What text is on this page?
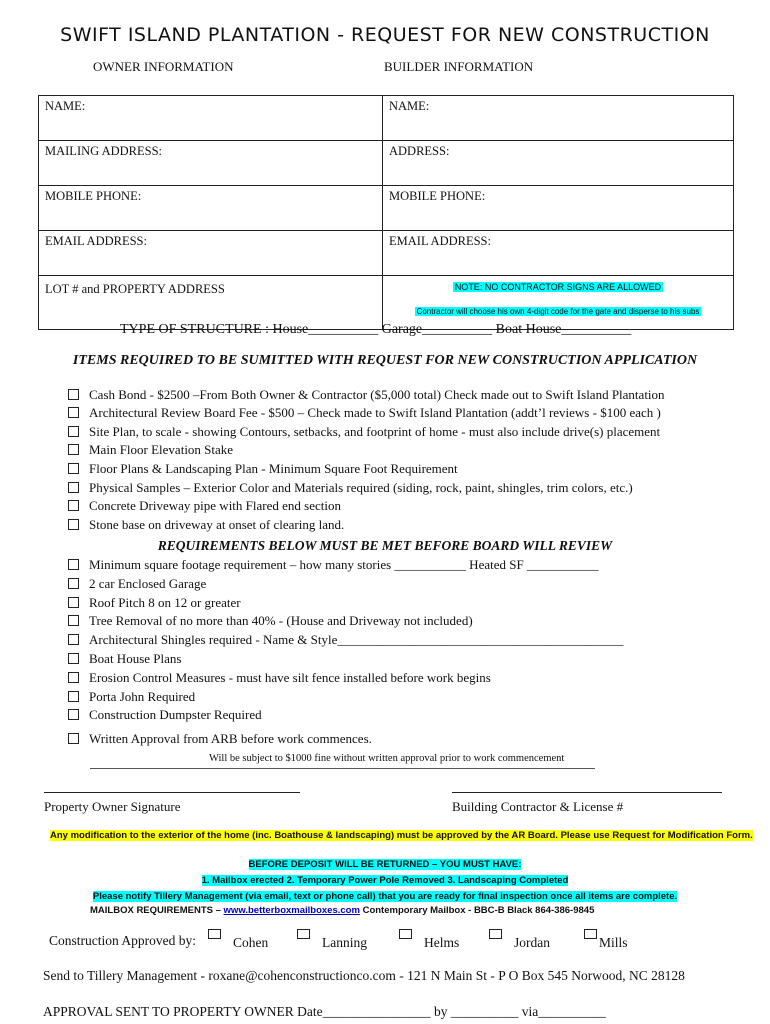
SWIFT ISLAND PLANTATION - REQUEST FOR NEW CONSTRUCTION
OWNER INFORMATION	BUILDER INFORMATION
NAME:	NAME:
MAILING ADDRESS:	ADDRESS:
MOBILE PHONE:	MOBILE PHONE:
EMAIL ADDRESS:	EMAIL ADDRESS:
LOT # and PROPERTY ADDRESS	NOTE: NO CONTRACTOR SIGNS ARE ALLOWED
Contractor will choose his own 4-digit code for the gate and disperse to his subs
TYPE OF STRUCTURE : House__________ Garage__________ Boat House__________
ITEMS REQUIRED TO BE SUMITTED WITH REQUEST FOR NEW CONSTRUCTION APPLICATION
Cash Bond - $2500 –From Both Owner & Contractor ($5,000 total) Check made out to Swift Island Plantation
Architectural Review Board Fee - $500 – Check made to Swift Island Plantation (addt’l reviews - $100 each )
Site Plan, to scale - showing Contours, setbacks, and footprint of home - must also include drive(s) placement
Main Floor Elevation Stake
Floor Plans & Landscaping Plan - Minimum Square Foot Requirement
Physical Samples – Exterior Color and Materials required (siding, rock, paint, shingles, trim colors, etc.)
Concrete Driveway pipe with Flared end section
Stone base on driveway at onset of clearing land.
REQUIREMENTS BELOW MUST BE MET BEFORE BOARD WILL REVIEW
Minimum square footage requirement – how many stories ___________ Heated SF ___________
2 car Enclosed Garage
Roof Pitch 8 on 12 or greater
Tree Removal of no more than 40% - (House and Driveway not included)
Architectural Shingles required - Name & Style____________________________________________
Boat House Plans
Erosion Control Measures - must have silt fence installed before work begins
Porta John Required
Construction Dumpster Required
Written Approval from ARB before work commences.
Will be subject to $1000 fine without written approval prior to work commencement
Property Owner Signature	Building Contractor & License #
Any modification to the exterior of the home (inc. Boathouse & landscaping) must be approved by the AR Board. Please use Request for Modification Form.
BEFORE DEPOSIT WILL BE RETURNED – YOU MUST HAVE:
1. Mailbox erected 2. Temporary Power Pole Removed 3. Landscaping Completed
Please notify Tillery Management (via email, text or phone call) that you are ready for final inspection once all items are complete.
MAILBOX REQUIREMENTS – www.betterboxmailboxes.com Contemporary Mailbox - BBC-B Black 864-386-9845
Construction Approved by:	Cohen	Lanning	Helms	Jordan	Mills
Send to Tillery Management - roxane@cohenconstructionco.com - 121 N Main St - P O Box 545 Norwood, NC 28128
APPROVAL SENT TO PROPERTY OWNER Date________________ by __________ via__________
